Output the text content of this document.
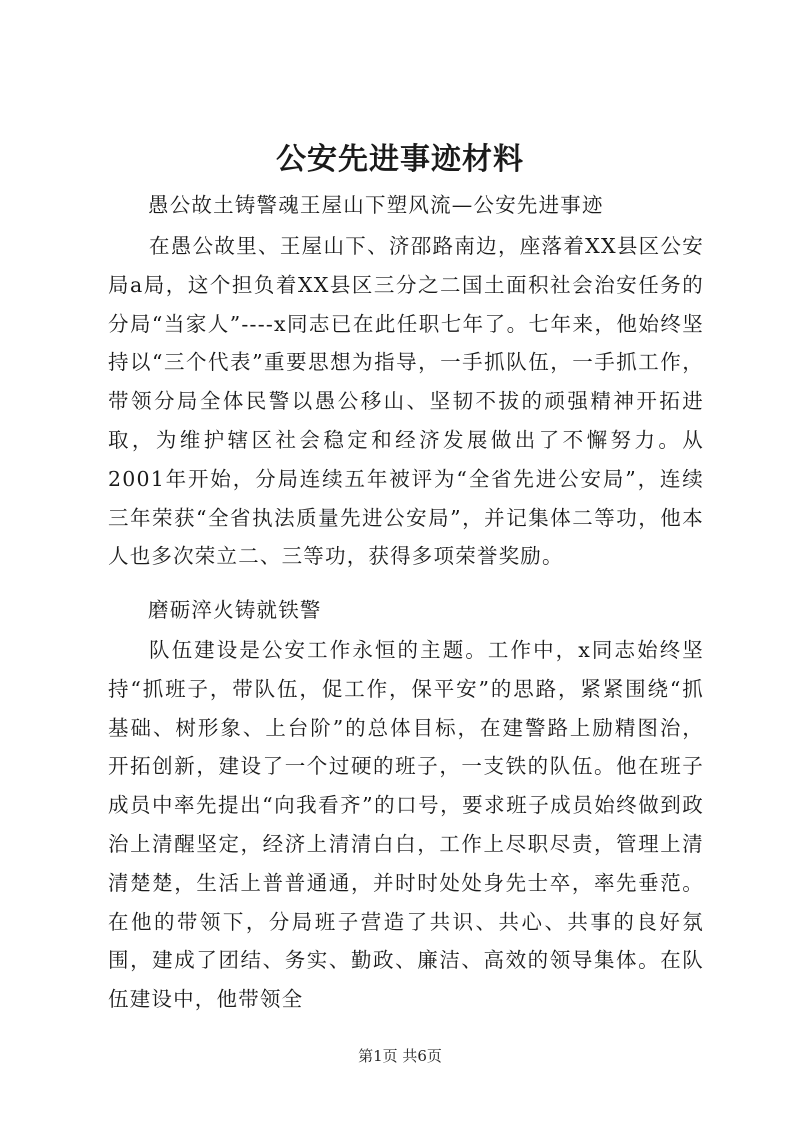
公安先进事迹材料
愚公故土铸警魂王屋山下塑风流—公安先进事迹
在愚公故里、王屋山下、济邵路南边，座落着XX县区公安局a局，这个担负着XX县区三分之二国土面积社会治安任务的分局“当家人”----x同志已在此任职七年了。七年来，他始终坚持以“三个代表”重要思想为指导，一手抓队伍，一手抓工作，带领分局全体民警以愚公移山、坚韧不拔的顽强精神开拓进取，为维护辖区社会稳定和经济发展做出了不懈努力。从2001年开始，分局连续五年被评为“全省先进公安局”，连续三年荣获“全省执法质量先进公安局”，并记集体二等功，他本人也多次荣立二、三等功，获得多项荣誉奖励。
磨砺淬火铸就铁警
队伍建设是公安工作永恒的主题。工作中，x同志始终坚持“抓班子，带队伍，促工作，保平安”的思路，紧紧围绕“抓基础、树形象、上台阶”的总体目标，在建警路上励精图治，开拓创新，建设了一个过硬的班子，一支铁的队伍。他在班子成员中率先提出“向我看齐”的口号，要求班子成员始终做到政治上清醒坚定，经济上清清白白，工作上尽职尽责，管理上清清楚楚，生活上普普通通，并时时处处身先士卒，率先垂范。在他的带领下，分局班子营造了共识、共心、共事的良好氛围，建成了团结、务实、勤政、廉洁、高效的领导集体。在队伍建设中，他带领全
第1页 共6页
